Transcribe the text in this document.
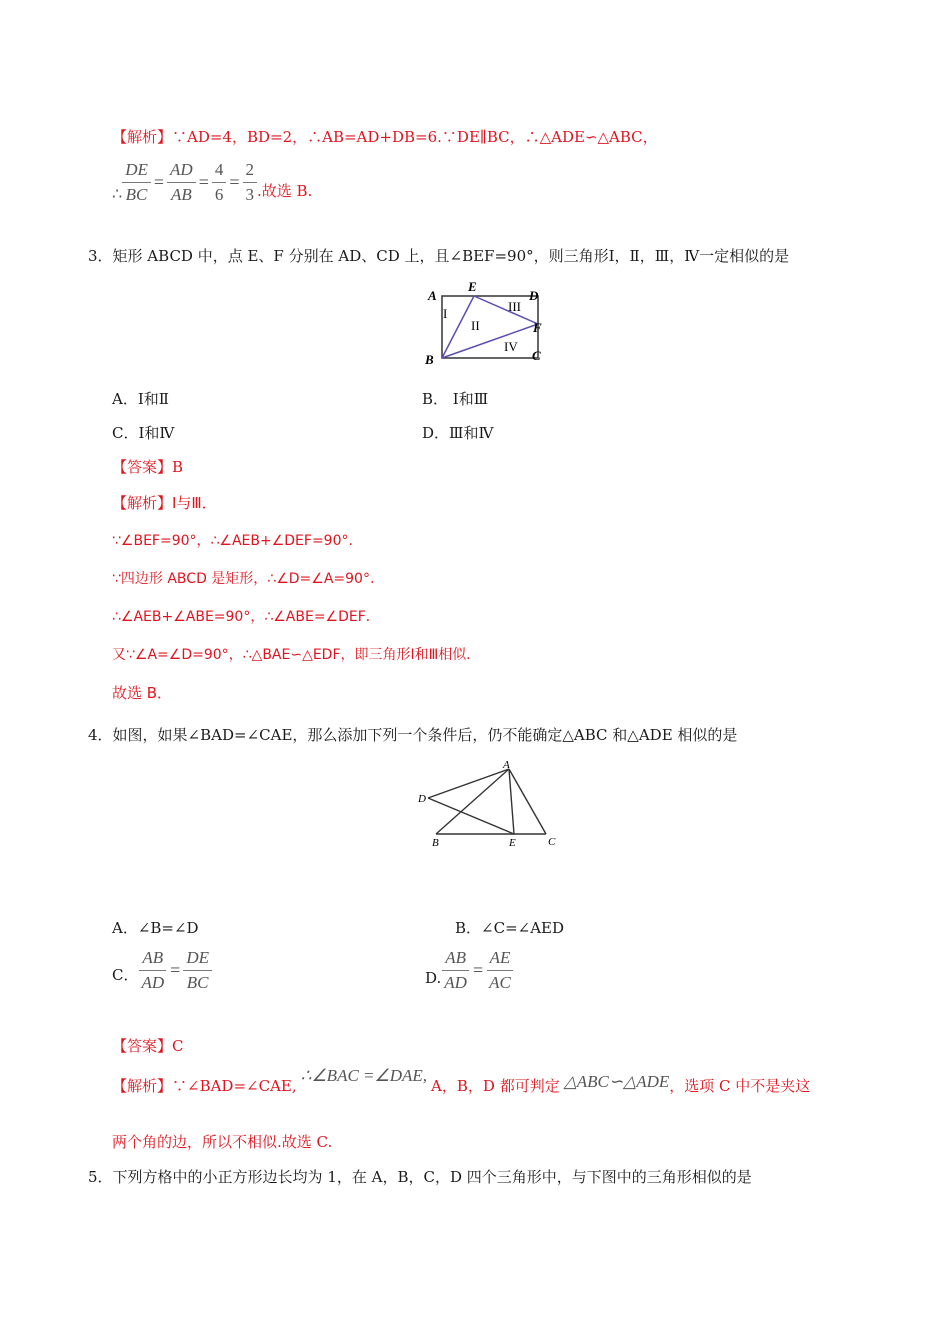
【解析】∵AD=4，BD=2，∴AB=AD+DB=6.∵DE∥BC，∴△ADE∽△ABC，
∴ $\frac{DE}{BC} = \frac{AD}{AB} = \frac{4}{6} = \frac{2}{3}$ .故选 B.
3．矩形 ABCD 中，点 E、F 分别在 AD、CD 上，且∠BEF=90°，则三角形Ⅰ，Ⅱ，Ⅲ，Ⅳ一定相似的是
A
E
D
F
B	C
I
II
III
IV
A．Ⅰ和Ⅱ	B． Ⅰ和Ⅲ
C．Ⅰ和Ⅳ	D．Ⅲ和Ⅳ
【答案】B
【解析】Ⅰ与Ⅲ．
∵∠BEF=90°，∴∠AEB+∠DEF=90°.
∵四边形 ABCD 是矩形，∴∠D=∠A=90°.
∴∠AEB+∠ABE=90°，∴∠ABE=∠DEF．
又∵∠A=∠D=90°，∴△BAE∽△EDF，即三角形Ⅰ和Ⅲ相似．
故选 B．
4．如图，如果∠BAD=∠CAE，那么添加下列一个条件后，仍不能确定△ABC 和△ADE 相似的是
A
D
B	E	C
A．∠B=∠D	B．∠C=∠AED
C． $\frac{AB}{AD} = \frac{DE}{BC}$	D. $\frac{AB}{AD} = \frac{AE}{AC}$
【答案】C
【解析】∵∠BAD=∠CAE,
∴∠BAC =∠DAE,
A，B，D 都可判定 △ABC∽△ADE ，选项 C 中不是夹这
两个角的边，所以不相似.故选 C.
5．下列方格中的小正方形边长均为 1，在 A，B，C，D 四个三角形中，与下图中的三角形相似的是
